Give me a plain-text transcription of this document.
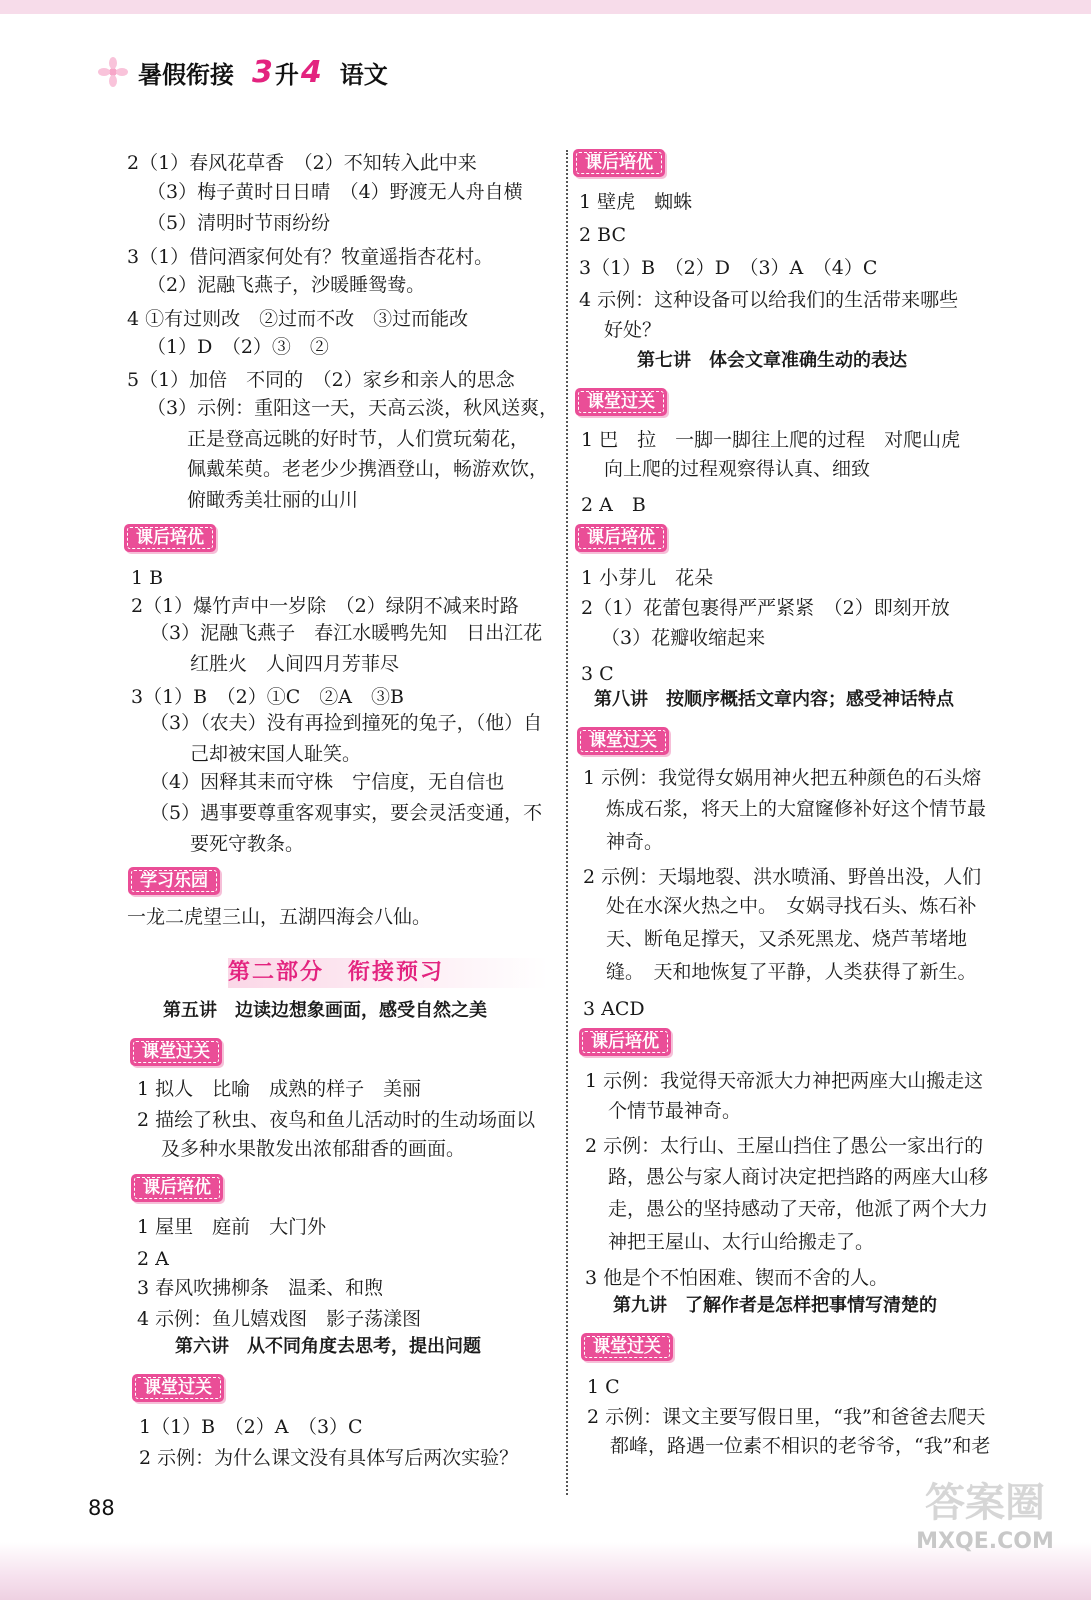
暑假衔接 3 升 4 语文
2（1）春风花草香　（2）不知转入此中来
（3）梅子黄时日日晴　（4）野渡无人舟自横
（5）清明时节雨纷纷
3（1）借问酒家何处有？牧童遥指杏花村。
（2）泥融飞燕子，沙暖睡鸳鸯。
4 ①有过则改　②过而不改　③过而能改
（1）D　（2）③　②
5（1）加倍　不同的　（2）家乡和亲人的思念
（3）示例：重阳这一天，天高云淡，秋风送爽，
正是登高远眺的好时节，人们赏玩菊花，
佩戴茱萸。老老少少携酒登山，畅游欢饮，
俯瞰秀美壮丽的山川
课后培优
1 B
2（1）爆竹声中一岁除　（2）绿阴不减来时路
（3）泥融飞燕子　春江水暖鸭先知　日出江花
红胜火　人间四月芳菲尽
3（1）B　（2）①C　②A　③B
（3）（农夫）没有再捡到撞死的兔子，（他）自
己却被宋国人耻笑。
（4）因释其耒而守株　宁信度，无自信也
（5）遇事要尊重客观事实，要会灵活变通，不
要死守教条。
学习乐园
一龙二虎望三山，五湖四海会八仙。
第二部分　衔接预习
第五讲　边读边想象画面，感受自然之美
课堂过关
1 拟人　比喻　成熟的样子　美丽
2 描绘了秋虫、夜鸟和鱼儿活动时的生动场面以
及多种水果散发出浓郁甜香的画面。
课后培优
1 屋里　庭前　大门外
2 A
3 春风吹拂柳条　温柔、和煦
4 示例：鱼儿嬉戏图　影子荡漾图
第六讲　从不同角度去思考，提出问题
课堂过关
1（1）B　（2）A　（3）C
2 示例：为什么课文没有具体写后两次实验？
课后培优
1 壁虎　蜘蛛
2 BC
3（1）B　（2）D　（3）A　（4）C
4 示例：这种设备可以给我们的生活带来哪些
好处？
第七讲　体会文章准确生动的表达
课堂过关
1 巴　拉　一脚一脚往上爬的过程　对爬山虎
向上爬的过程观察得认真、细致
2 A　B
课后培优
1 小芽儿　花朵
2（1）花蕾包裹得严严紧紧　（2）即刻开放
（3）花瓣收缩起来
3 C
第八讲　按顺序概括文章内容；感受神话特点
课堂过关
1 示例：我觉得女娲用神火把五种颜色的石头熔
炼成石浆，将天上的大窟窿修补好这个情节最
神奇。
2 示例：天塌地裂、洪水喷涌、野兽出没，人们
处在水深火热之中。　女娲寻找石头、炼石补
天、断龟足撑天，又杀死黑龙、烧芦苇堵地
缝。　天和地恢复了平静，人类获得了新生。
3 ACD
课后培优
1 示例：我觉得天帝派大力神把两座大山搬走这
个情节最神奇。
2 示例：太行山、王屋山挡住了愚公一家出行的
路，愚公与家人商讨决定把挡路的两座大山移
走，愚公的坚持感动了天帝，他派了两个大力
神把王屋山、太行山给搬走了。
3 他是个不怕困难、锲而不舍的人。
第九讲　了解作者是怎样把事情写清楚的
课堂过关
1 C
2 示例：课文主要写假日里，“我”和爸爸去爬天
都峰，路遇一位素不相识的老爷爷，“我”和老
88	答案圈
MXQE.COM
